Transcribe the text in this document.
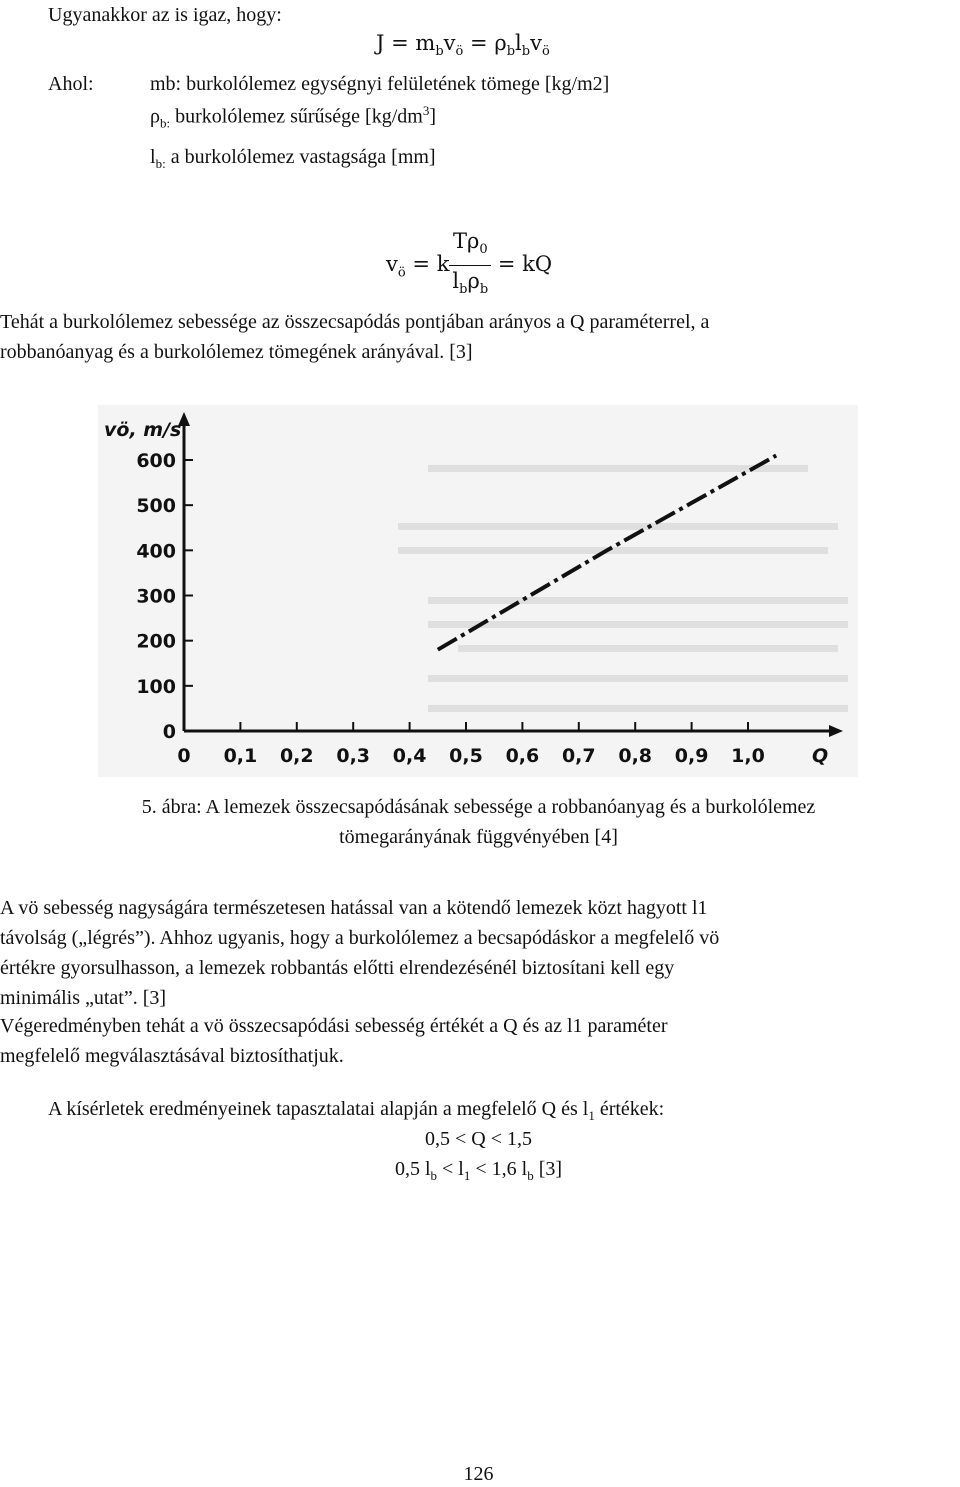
Ugyanakkor az is igaz, hogy:
$J = m_bv_ö = \rho_bl_bv_ö$
Ahol:	mb: burkolólemez egységnyi felületének tömege [kg/m2]
$\rho_{b:}$ burkolólemez sűrűsége $[kg/dm^3]$
$l_{b:}$ a burkolólemez vastagsága [mm]
$v_ö = k \frac{T\rho_0}{l_b\rho_b}$ = kQ
Tehát a burkolólemez sebessége az összecsapódás pontjában arányos a Q paraméterrel, a
robbanóanyag és a burkolólemez tömegének arányával. [3]
0
100
200
300
400
500
600
0 0,1 0,2 0,3 0,4 0,5 0,6 0,7 0,8 0,9 1,0
vö, m/s
Q
5. ábra: A lemezek összecsapódásának sebessége a robbanóanyag és a burkolólemez
tömegarányának függvényében [4]
A vö sebesség nagyságára természetesen hatással van a kötendő lemezek közt hagyott l1
távolság („légrés”). Ahhoz ugyanis, hogy a burkolólemez a becsapódáskor a megfelelő vö
értékre gyorsulhasson, a lemezek robbantás előtti elrendezésénél biztosítani kell egy
minimális „utat”. [3]
Végeredményben tehát a vö összecsapódási sebesség értékét a Q és az l1 paraméter
megfelelő megválasztásával biztosíthatjuk.
A kísérletek eredményeinek tapasztalatai alapján a megfelelő Q és $l_1$ értékek:
0,5 < Q < 1,5
0,5 $l_b < l_1 < 1,6$ $l_b$ [3]
126
